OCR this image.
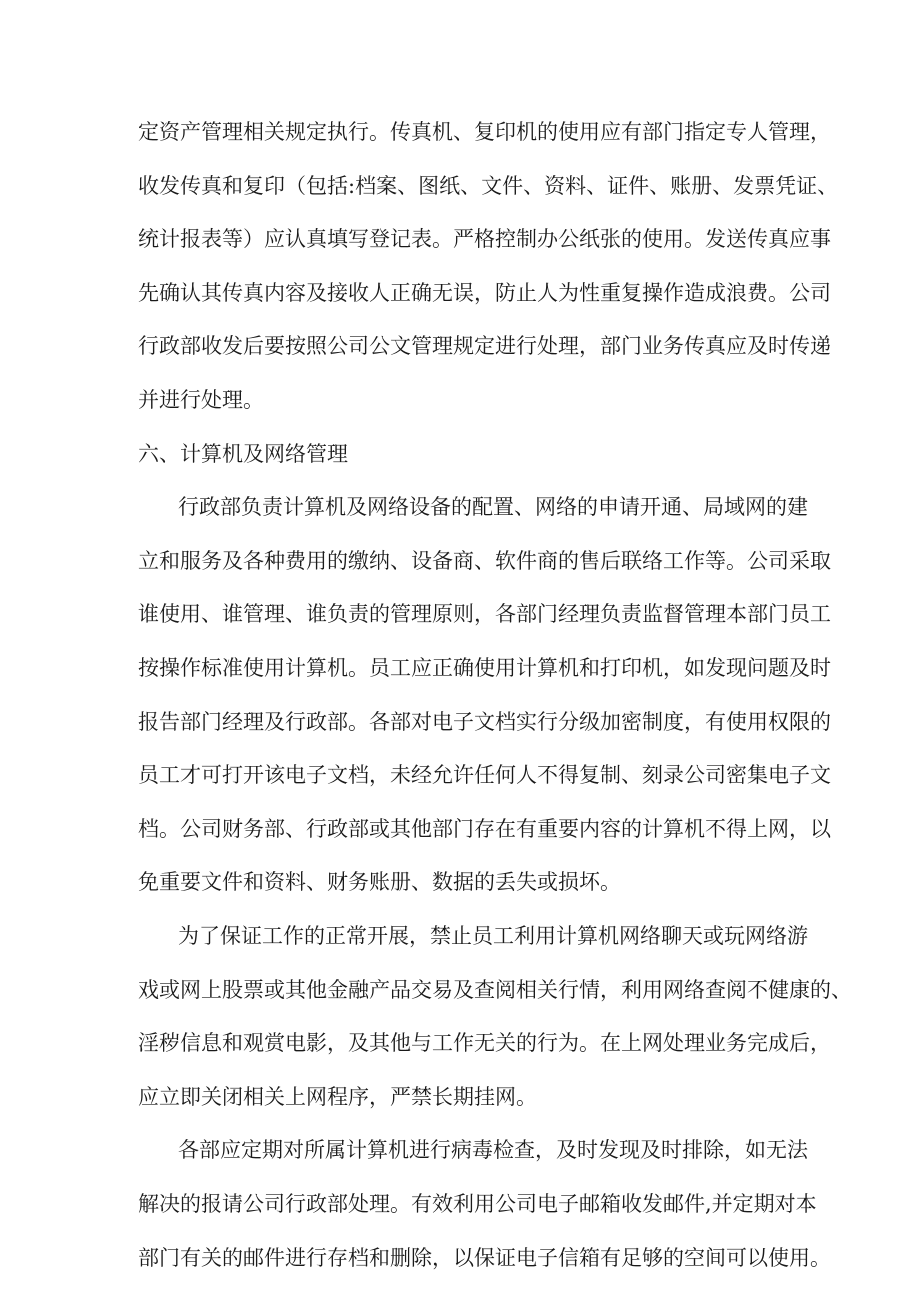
定资产管理相关规定执行。传真机、复印机的使用应有部门指定专人管理，

收发传真和复印（包括:档案、图纸、文件、资料、证件、账册、发票凭证、

统计报表等）应认真填写登记表。严格控制办公纸张的使用。发送传真应事

先确认其传真内容及接收人正确无误，防止人为性重复操作造成浪费。公司

行政部收发后要按照公司公文管理规定进行处理，部门业务传真应及时传递

并进行处理。

六、计算机及网络管理

行政部负责计算机及网络设备的配置、网络的申请开通、局域网的建

立和服务及各种费用的缴纳、设备商、软件商的售后联络工作等。公司采取

谁使用、谁管理、谁负责的管理原则，各部门经理负责监督管理本部门员工

按操作标准使用计算机。员工应正确使用计算机和打印机，如发现问题及时

报告部门经理及行政部。各部对电子文档实行分级加密制度，有使用权限的

员工才可打开该电子文档，未经允许任何人不得复制、刻录公司密集电子文

档。公司财务部、行政部或其他部门存在有重要内容的计算机不得上网，以

免重要文件和资料、财务账册、数据的丢失或损坏。

为了保证工作的正常开展，禁止员工利用计算机网络聊天或玩网络游

戏或网上股票或其他金融产品交易及查阅相关行情，利用网络查阅不健康的、

淫秽信息和观赏电影，及其他与工作无关的行为。在上网处理业务完成后，

应立即关闭相关上网程序，严禁长期挂网。

各部应定期对所属计算机进行病毒检查，及时发现及时排除，如无法

解决的报请公司行政部处理。有效利用公司电子邮箱收发邮件,并定期对本

部门有关的邮件进行存档和删除，以保证电子信箱有足够的空间可以使用。
